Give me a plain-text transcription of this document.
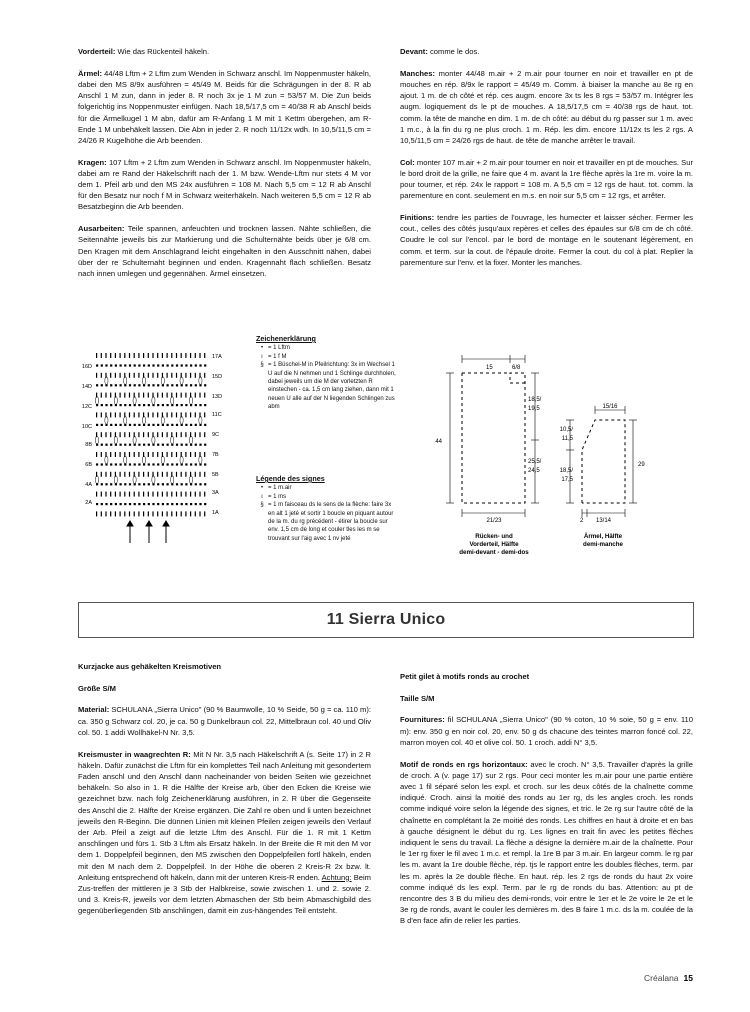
Vorderteil: Wie das Rückenteil häkeln.

Ärmel: 44/48 Lftm + 2 Lftm zum Wenden in Schwarz anschl. Im Noppenmuster häkeln, dabei den MS 8/9x ausführen = 45/49 M. Beids für die Schrägungen in der 8. R ab Anschl 1 M zun, dann in jeder 8. R noch 3x je 1 M zun = 53/57 M. Die Zun beids folgerichtig ins Noppenmuster einfügen. Nach 18,5/17,5 cm = 40/38 R ab Anschl beids für die Ärmelkugel 1 M abn, dafür am R-Anfang 1 M mit 1 Kettm übergehen, am R-Ende 1 M unbehäkelt lassen. Die Abn in jeder 2. R noch 11/12x wdh. In 10,5/11,5 cm = 24/26 R Kugelhöhe die Arb beenden.

Kragen: 107 Lftm + 2 Lftm zum Wenden in Schwarz anschl. Im Noppenmuster häkeln, dabei am re Rand der Häkelschrift nach der 1. M bzw. Wende-Lftm nur stets 4 M vor dem 1. Pfeil arb und den MS 24x ausführen = 108 M. Nach 5,5 cm = 12 R ab Anschl für den Besatz nur noch f M in Schwarz weiterhäkeln. Nach weiteren 5,5 cm = 12 R ab Besatzbeginn die Arb beenden.

Ausarbeiten: Teile spannen, anfeuchten und trocknen lassen. Nähte schließen, die Seitennähte jeweils bis zur Markierung und die Schulternähte beids über je 6/8 cm. Den Kragen mit dem Anschlagrand leicht eingehalten in den Ausschnitt nähen, dabei über der re Schulternaht beginnen und enden. Kragennaht flach schließen. Besatz nach innen umlegen und gegennähen. Ärmel einsetzen.

Devant: comme le dos.

Manches: monter 44/48 m.air + 2 m.air pour tourner en noir et travailler en pt de mouches en rép. 8/9x le rapport = 45/49 m. Comm. à biaiser la manche au 8e rg en ajout. 1 m. de ch côté et rép. ces augm. encore 3x ts les 8 rgs = 53/57 m. Intégrer les augm. logiquement ds le pt de mouches. A 18,5/17,5 cm = 40/38 rgs de haut. tot. comm. la tête de manche en dim. 1 m. de ch côté: au début du rg passer sur 1 m. avec 1 m.c., à la fin du rg ne plus croch. 1 m. Rép. les dim. encore 11/12x ts les 2 rgs. A 10,5/11,5 cm = 24/26 rgs de haut. de tête de manche arrêter le travail.

Col: monter 107 m.air + 2 m.air pour tourner en noir et travailler en pt de mouches. Sur le bord droit de la grille, ne faire que 4 m. avant la 1re flèche après la 1re m. voire la m. pour tourner, et rép. 24x le rapport = 108 m. A 5,5 cm = 12 rgs de haut. tot. comm. la parementure en cont. seulement en m.s. en noir sur 5,5 cm = 12 rgs, et arrêter.

Finitions: tendre les parties de l'ouvrage, les humecter et laisser sécher. Fermer les cout., celles des côtés jusqu'aux repères et celles des épaules sur 6/8 cm de ch côté. Coudre le col sur l'encol. par le bord de montage en le soutenant légèrement, en comm. et term. sur la cout. de l'épaule droite. Fermer la cout. du col à plat. Replier la parementure sur l'env. et la fixer. Monter les manches.

16D
14D
12C
10C
8B
6B
4A
2A
17A
15D
13D
11C
9C
7B
5B
3A
1A
Zeichenerklärung
• = 1 Lftm
ı = 1 f M
§ = 1 Büschel-M in Pfeilrichtung: 3x im Wechsel 1 U auf die N nehmen und 1 Schlinge durchholen, dabei jeweils um die M der vorletzten R einstechen - ca. 1,5 cm lang ziehen, dann mit 1 neuen U alle auf der N liegenden Schlingen zus abm
Légende des signes
• = 1 m.air
ı = 1 ms
§ = 1 m faisceau ds le sens de la flèche: faire 3x en alt 1 jeté et sortir 1 boucle en piquant autour de la m. du rg précédent - étirer la boucle sur env. 1,5 cm de long et couler tles les m se trouvant sur l'aig avec 1 nv jeté
15	6/8
44
18,5/
19,5
25,5/
24,5
21/23
Rücken- und
Vorderteil, Hälfte
demi-devant - demi-dos
15/16
10,5/
11,5
18,5/
17,5
29
2 13/14
Ärmel, Hälfte
demi-manche
11 Sierra Unico

Kurzjacke aus gehäkelten Kreismotiven

Größe S/M

Material: SCHULANA „Sierra Unico" (90 % Baumwolle, 10 % Seide, 50 g = ca. 110 m): ca. 350 g Schwarz col. 20, je ca. 50 g Dunkelbraun col. 22, Mittelbraun col. 40 und Oliv col. 50. 1 addi Wollhäkel-N Nr. 3,5.

Kreismuster in waagrechten R: Mit N Nr. 3,5 nach Häkelschrift A (s. Seite 17) in 2 R häkeln. Dafür zunächst die Lftm für ein komplettes Teil nach Anleitung mit gesondertem Faden anschl und den Anschl dann nacheinander von beiden Seiten wie gezeichnet behäkeln. So also in 1. R die Hälfte der Kreise arb, über den Ecken die Kreise wie gezeichnet bzw. nach folg Zeichenerklärung ausführen, in 2. R über die Gegenseite des Anschl die 2. Hälfte der Kreise ergänzen. Die Zahl re oben und li unten bezeichnet jeweils den R-Beginn. Die dünnen Linien mit kleinen Pfeilen zeigen jeweils den Verlauf der Arb. Pfeil a zeigt auf die letzte Lftm des Anschl. Für die 1. R mit 1 Kettm anschlingen und fürs 1. Stb 3 Lftm als Ersatz häkeln. In der Breite die R mit den M vor dem 1. Doppelpfeil beginnen, den MS zwischen den Doppelpfeilen fortl häkeln, enden mit den M nach dem 2. Doppelpfeil. In der Höhe die oberen 2 Kreis-R 2x bzw. lt. Anleitung entsprechend oft häkeln, dann mit der unteren Kreis-R enden. Achtung: Beim Zus-treffen der mittleren je 3 Stb der Halbkreise, sowie zwischen 1. und 2. sowie 2. und 3. Kreis-R, jeweils vor dem letzten Abmaschen der Stb beim Abmaschigbild des gegenüberliegenden Stb anschlingen, damit ein zus-hängendes Teil entsteht.

Petit gilet à motifs ronds au crochet

Taille S/M

Fournitures: fil SCHULANA „Sierra Unico" (90 % coton, 10 % soie, 50 g = env. 110 m): env. 350 g en noir col. 20, env. 50 g ds chacune des teintes marron foncé col. 22, marron moyen col. 40 et olive col. 50. 1 croch. addi N° 3,5.

Motif de ronds en rgs horizontaux: avec le croch. N° 3,5. Travailler d'après la grille de croch. A (v. page 17) sur 2 rgs. Pour ceci monter les m.air pour une partie entière avec 1 fil séparé selon les expl. et croch. sur les deux côtés de la chaînette comme indiqué. Croch. ainsi la moitié des ronds au 1er rg, ds les angles croch. les ronds comme indiqué voire selon la légende des signes, et tric. le 2e rg sur l'autre côté de la chaînette en complétant la 2e moitié des ronds. Les chiffres en haut à droite et en bas à gauche désignent le début du rg. Les lignes en trait fin avec les petites flèches indiquent le sens du travail. La flèche a désigne la dernière m.air de la chaînette. Pour le 1er rg fixer le fil avec 1 m.c. et rempl. la 1re B par 3 m.air. En largeur comm. le rg par les m. avant la 1re double flèche, rép. tjs le rapport entre les doubles flèches, term. par les m. après la 2e double flèche. En haut. rép. les 2 rgs de ronds du haut 2x voire comme indiqué ds les expl. Term. par le rg de ronds du bas. Attention: au pt de rencontre des 3 B du milieu des demi-ronds, voir entre le 1er et le 2e voire le 2e et le 3e rg de ronds, avant le couler les dernières m. des B faire 1 m.c. ds la m. coulée de la B d'en face afin de relier les parties.

Créalana 15
